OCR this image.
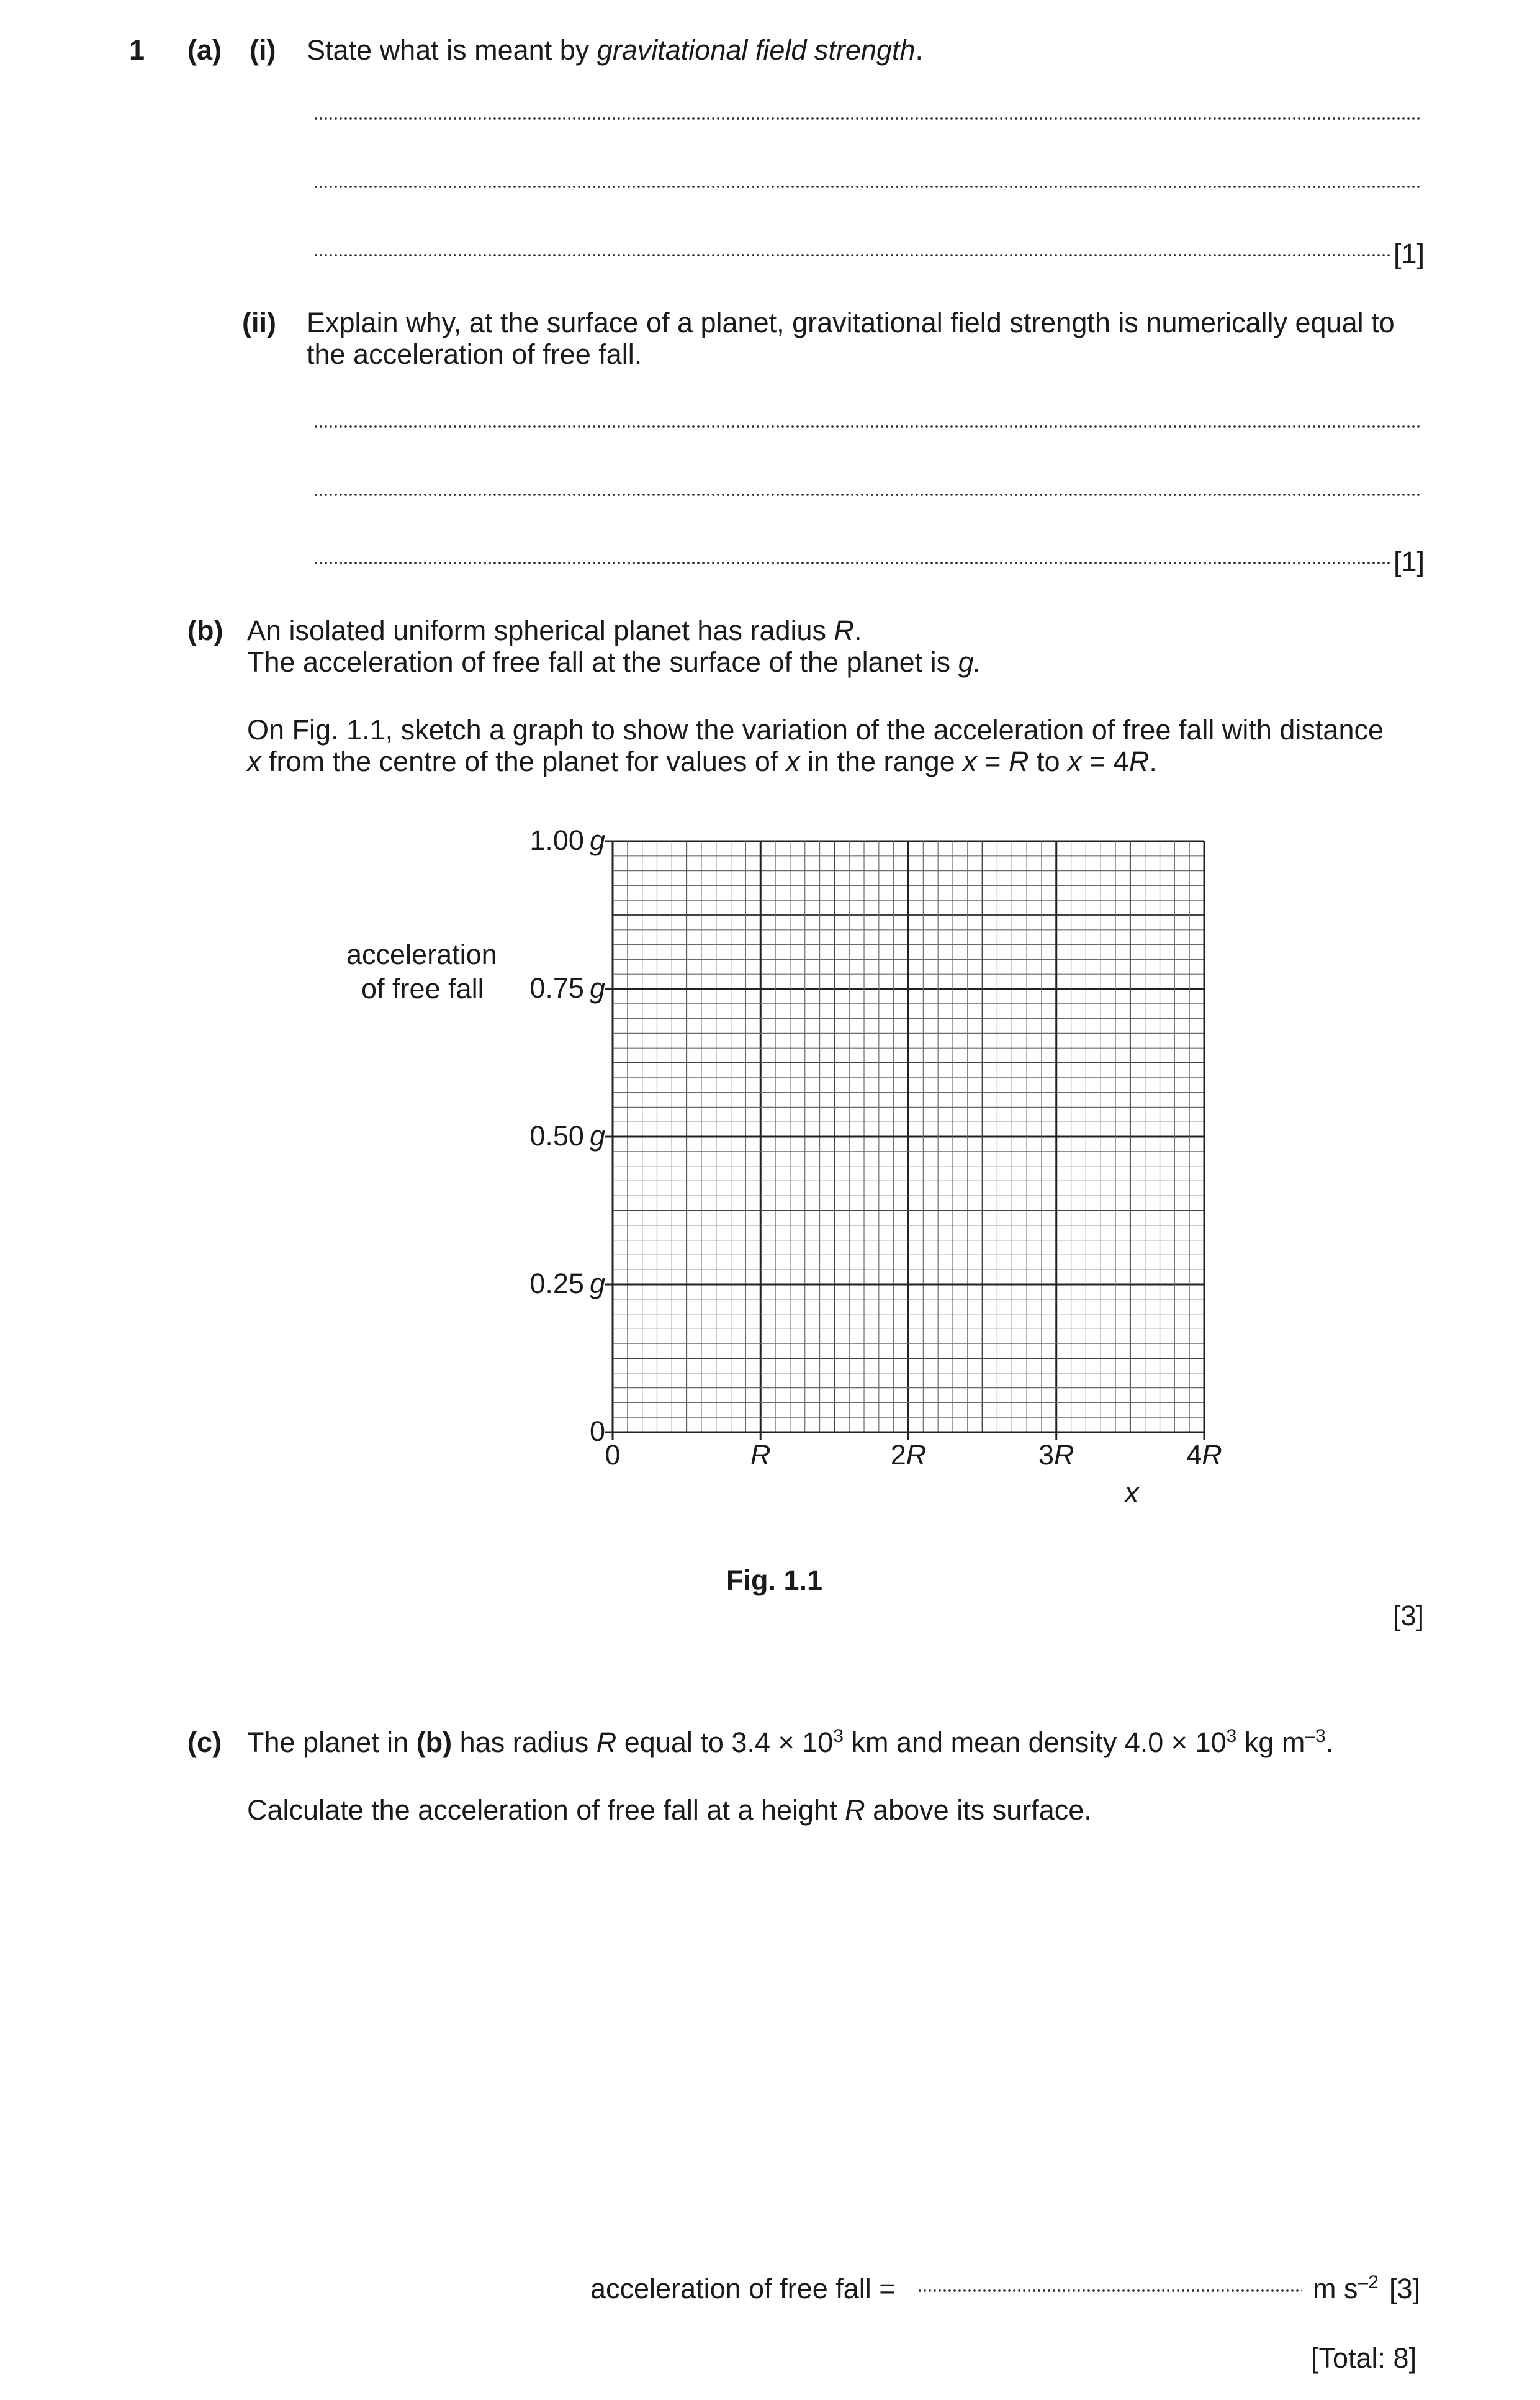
1 (a) (i) State what is meant by gravitational field strength.
[1]
(ii) Explain why, at the surface of a planet, gravitational field strength is numerically equal to
the acceleration of free fall.
[1]
(b) An isolated uniform spherical planet has radius R.
The acceleration of free fall at the surface of the planet is g.
On Fig. 1.1, sketch a graph to show the variation of the acceleration of free fall with distance
x from the centre of the planet for values of x in the range x = R to x = 4R.
acceleration
of free fall
1.00 g
0.75 g
0.50 g
0.25 g
0
0	R	2R	3R	4R
x
Fig. 1.1
[3]
(c) The planet in (b) has radius R equal to $3.4 \times 10^3$ km and mean density $4.0 \times 10^3$ kg $m^{-3}$.
Calculate the acceleration of free fall at a height R above its surface.
acceleration of free fall =	m $s^{-2}$ [3]
[Total: 8]
